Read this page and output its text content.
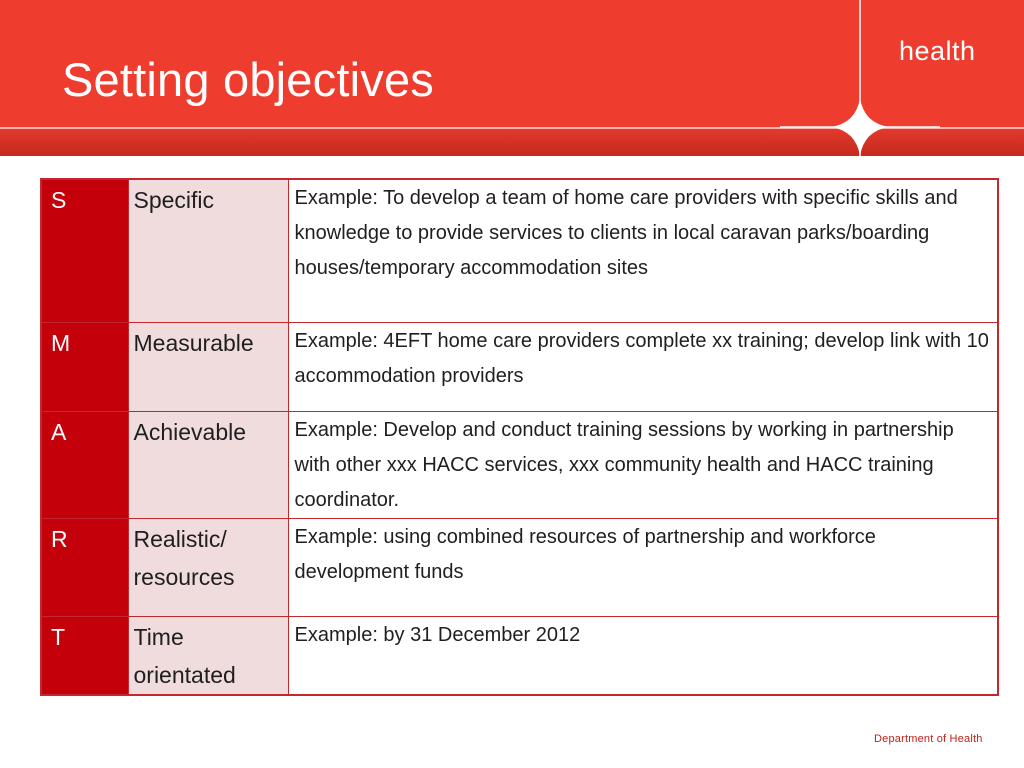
Setting objectives
health
S	Specific	Example: To develop a team of home care providers with specific skills and knowledge to provide services to clients in local caravan parks/boarding houses/temporary accommodation sites
M	Measurable	Example: 4EFT home care providers complete xx training; develop link with 10 accommodation providers
A	Achievable	Example: Develop and conduct training sessions by working in partnership with other xxx HACC services, xxx community health and HACC training coordinator.
R	Realistic/ resources	Example: using combined resources of partnership and workforce development funds
T	Time orientated	Example: by 31 December 2012
Department of Health
